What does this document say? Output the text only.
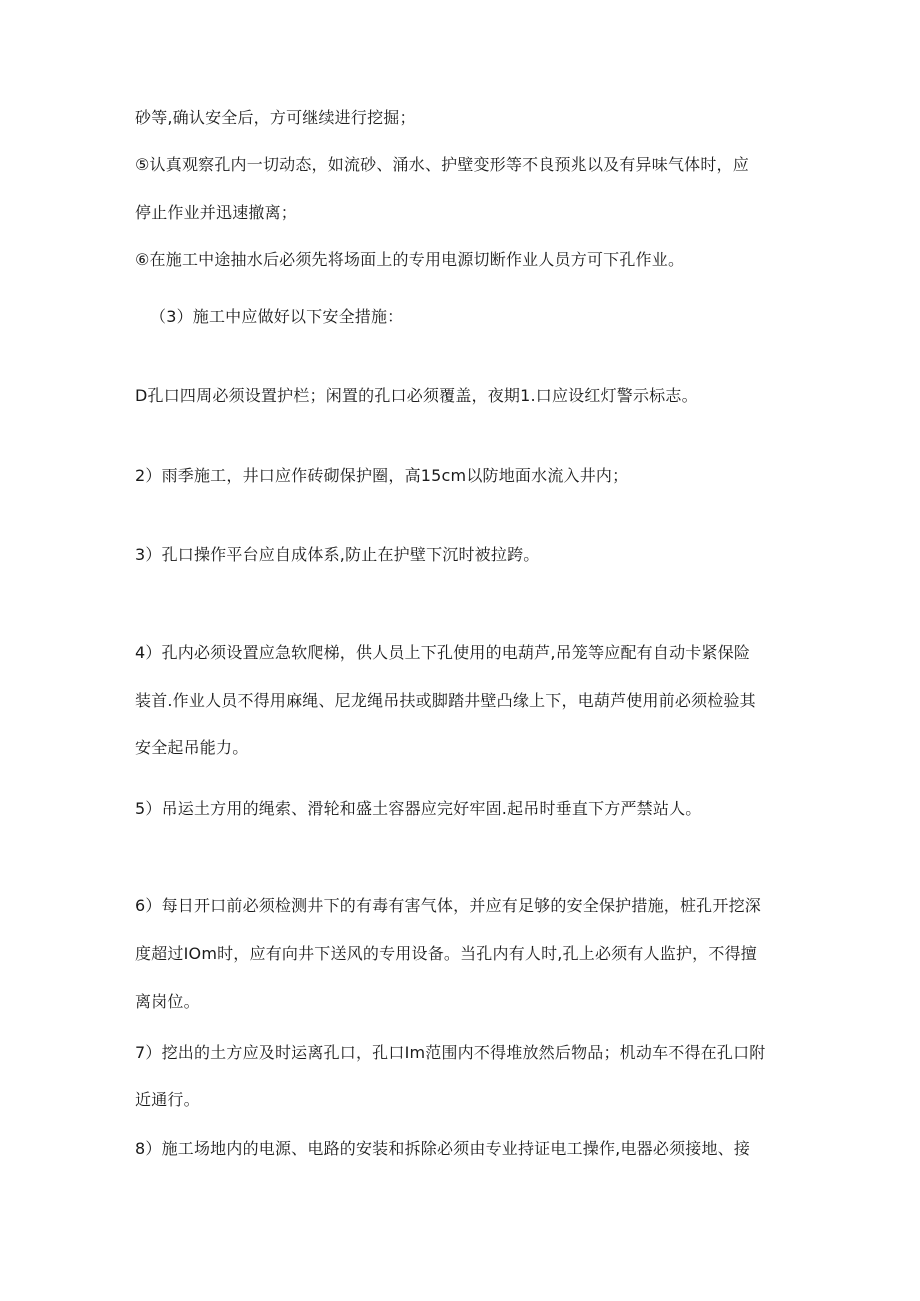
砂等,确认安全后，方可继续进行挖掘；
⑤认真观察孔内一切动态，如流砂、涌水、护壁变形等不良预兆以及有异味气体时，应
停止作业并迅速撤离；
⑥在施工中途抽水后必须先将场面上的专用电源切断作业人员方可下孔作业。
（3）施工中应做好以下安全措施：
D孔口四周必须设置护栏；闲置的孔口必须覆盖，夜期1.口应设红灯警示标志。
2）雨季施工，井口应作砖砌保护圈，高15cm以防地面水流入井内；
3）孔口操作平台应自成体系,防止在护壁下沉时被拉跨。
4）孔内必须设置应急软爬梯，供人员上下孔使用的电葫芦,吊笼等应配有自动卡紧保险
装首.作业人员不得用麻绳、尼龙绳吊扶或脚踏井壁凸缘上下，电葫芦使用前必须检验其
安全起吊能力。
5）吊运土方用的绳索、滑轮和盛土容器应完好牢固.起吊时垂直下方严禁站人。
6）每日开口前必须检测井下的有毒有害气体，并应有足够的安全保护措施，桩孔开挖深
度超过IOm时，应有向井下送风的专用设备。当孔内有人时,孔上必须有人监护，不得擅
离岗位。
7）挖出的土方应及时运离孔口，孔口Im范围内不得堆放然后物品；机动车不得在孔口附
近通行。
8）施工场地内的电源、电路的安装和拆除必须由专业持证电工操作,电器必须接地、接
